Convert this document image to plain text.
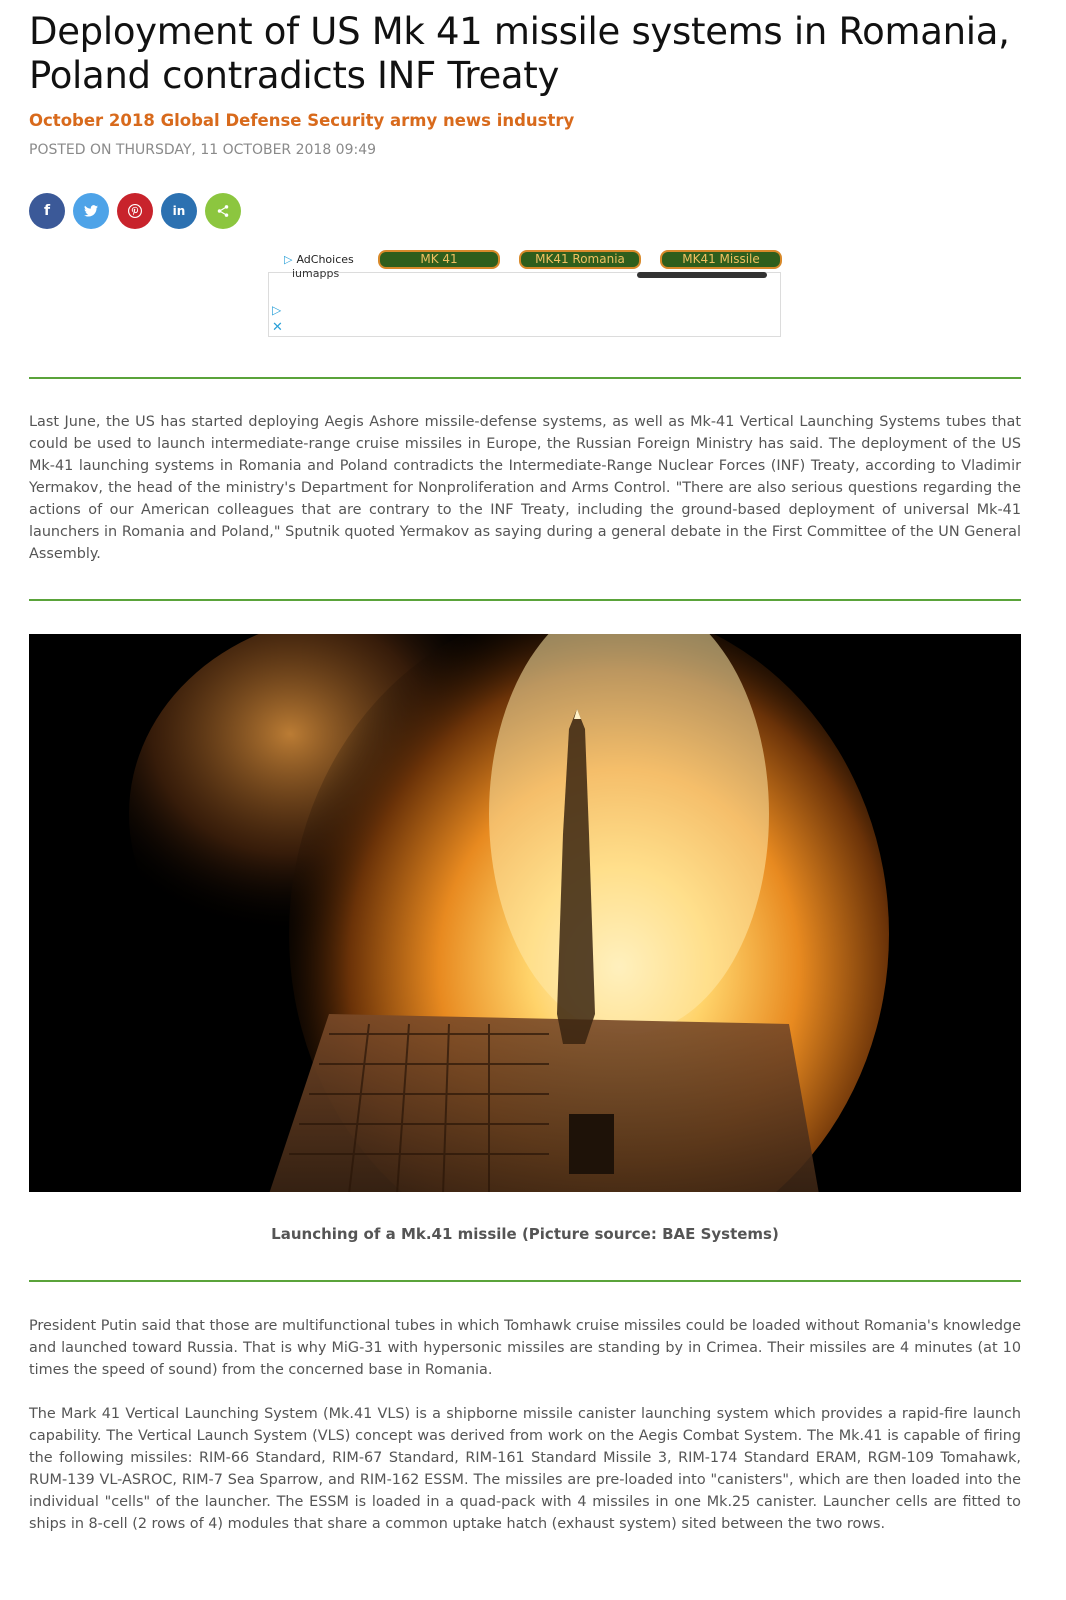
Deployment of US Mk 41 missile systems in Romania, Poland contradicts INF Treaty
October 2018 Global Defense Security army news industry
POSTED ON THURSDAY, 11 OCTOBER 2018 09:49
f	in
▷ AdChoices	MK 41	MK41 Romania	MK41 Missile
iumapps
▷
✕

Last June, the US has started deploying Aegis Ashore missile-defense systems, as well as Mk-41 Vertical Launching Systems tubes that could be used to launch intermediate-range cruise missiles in Europe, the Russian Foreign Ministry has said. The deployment of the US Mk-41 launching systems in Romania and Poland contradicts the Intermediate-Range Nuclear Forces (INF) Treaty, according to Vladimir Yermakov, the head of the ministry's Department for Nonproliferation and Arms Control. "There are also serious questions regarding the actions of our American colleagues that are contrary to the INF Treaty, including the ground-based deployment of universal Mk-41 launchers in Romania and Poland," Sputnik quoted Yermakov as saying during a general debate in the First Committee of the UN General Assembly.

Launching of a Mk.41 missile (Picture source: BAE Systems)

President Putin said that those are multifunctional tubes in which Tomhawk cruise missiles could be loaded without Romania's knowledge and launched toward Russia. That is why MiG-31 with hypersonic missiles are standing by in Crimea. Their missiles are 4 minutes (at 10 times the speed of sound) from the concerned base in Romania.

The Mark 41 Vertical Launching System (Mk.41 VLS) is a shipborne missile canister launching system which provides a rapid-fire launch capability. The Vertical Launch System (VLS) concept was derived from work on the Aegis Combat System. The Mk.41 is capable of firing the following missiles: RIM-66 Standard, RIM-67 Standard, RIM-161 Standard Missile 3, RIM-174 Standard ERAM, RGM-109 Tomahawk, RUM-139 VL-ASROC, RIM-7 Sea Sparrow, and RIM-162 ESSM. The missiles are pre-loaded into "canisters", which are then loaded into the individual "cells" of the launcher. The ESSM is loaded in a quad-pack with 4 missiles in one Mk.25 canister. Launcher cells are fitted to ships in 8-cell (2 rows of 4) modules that share a common uptake hatch (exhaust system) sited between the two rows.
